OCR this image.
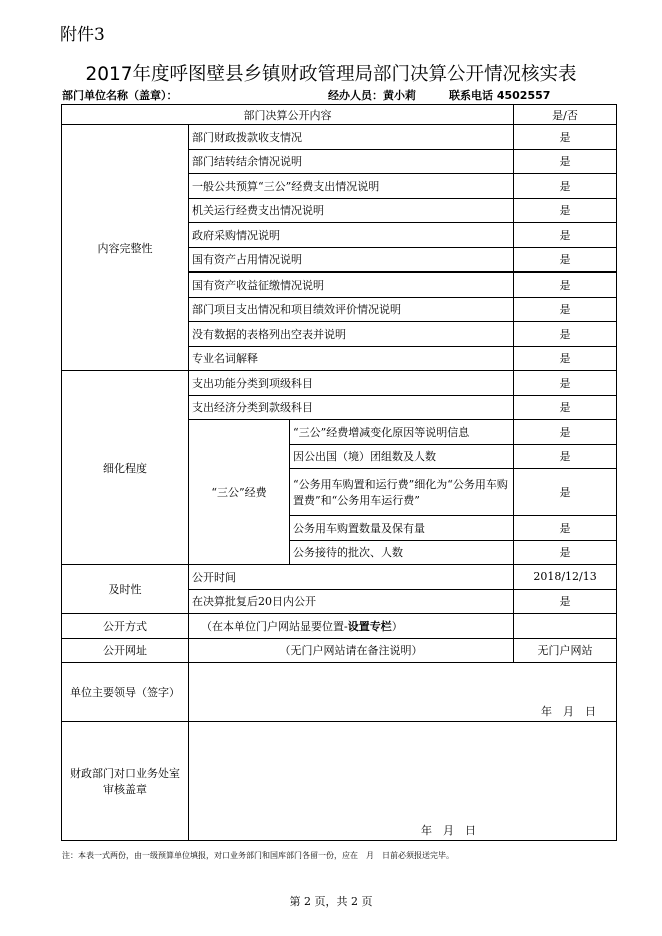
附件3
2017年度呼图壁县乡镇财政管理局部门决算公开情况核实表
部门单位名称（盖章）：	经办人员：黄小莉	联系电话 4502557
部门决算公开内容			是/否
内容完整性	部门财政拨款收支情况		是
	部门结转结余情况说明		是
	一般公共预算“三公”经费支出情况说明		是
	机关运行经费支出情况说明		是
	政府采购情况说明		是
	国有资产占用情况说明		是
	国有资产收益征缴情况说明		是
	部门项目支出情况和项目绩效评价情况说明		是
	没有数据的表格列出空表并说明		是
	专业名词解释		是
细化程度	支出功能分类到项级科目		是
	支出经济分类到款级科目		是
	“三公”经费	“三公”经费增减变化原因等说明信息	是
		因公出国（境）团组数及人数	是
		“公务用车购置和运行费”细化为“公务用车购置费”和“公务用车运行费”	是
		公务用车购置数量及保有量	是
		公务接待的批次、人数	是
及时性	公开时间		2018/12/13
	在决算批复后20日内公开		是
公开方式	（在本单位门户网站显要位置-设置专栏）		
公开网址	（无门户网站请在备注说明）		无门户网站
单位主要领导（签字）	年　月　日		

财政部门对口业务处室审核盖章	年　月　日		
注：本表一式两份，由一级预算单位填报，对口业务部门和国库部门各留一份，应在　月　日前必须报送完毕。
第 2 页，共 2 页
